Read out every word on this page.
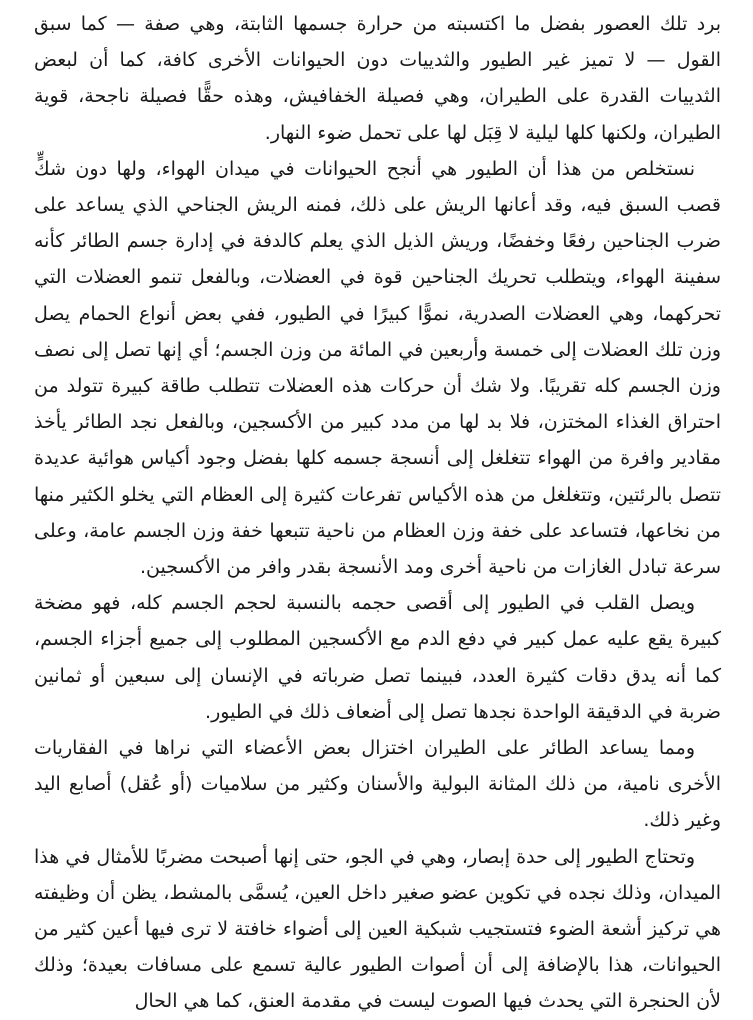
برد تلك العصور بفضل ما اكتسبته من حرارة جسمها الثابتة، وهي صفة — كما سبق القول — لا تميز غير الطيور والثدييات دون الحيوانات الأخرى كافة، كما أن لبعض الثدييات القدرة على الطيران، وهي فصيلة الخفافيش، وهذه حقًّا فصيلة ناجحة، قوية الطيران، ولكنها كلها ليلية لا قِبَل لها على تحمل ضوء النهار.

نستخلص من هذا أن الطيور هي أنجح الحيوانات في ميدان الهواء، ولها دون شكٍّ قصب السبق فيه، وقد أعانها الريش على ذلك، فمنه الريش الجناحي الذي يساعد على ضرب الجناحين رفعًا وخفضًا، وريش الذيل الذي يعلم كالدفة في إدارة جسم الطائر كأنه سفينة الهواء، ويتطلب تحريك الجناحين قوة في العضلات، وبالفعل تنمو العضلات التي تحركهما، وهي العضلات الصدرية، نموًّا كبيرًا في الطيور، ففي بعض أنواع الحمام يصل وزن تلك العضلات إلى خمسة وأربعين في المائة من وزن الجسم؛ أي إنها تصل إلى نصف وزن الجسم كله تقريبًا. ولا شك أن حركات هذه العضلات تتطلب طاقة كبيرة تتولد من احتراق الغذاء المختزن، فلا بد لها من مدد كبير من الأكسجين، وبالفعل نجد الطائر يأخذ مقادير وافرة من الهواء تتغلغل إلى أنسجة جسمه كلها بفضل وجود أكياس هوائية عديدة تتصل بالرئتين، وتتغلغل من هذه الأكياس تفرعات كثيرة إلى العظام التي يخلو الكثير منها من نخاعها، فتساعد على خفة وزن العظام من ناحية تتبعها خفة وزن الجسم عامة، وعلى سرعة تبادل الغازات من ناحية أخرى ومد الأنسجة بقدر وافر من الأكسجين.

ويصل القلب في الطيور إلى أقصى حجمه بالنسبة لحجم الجسم كله، فهو مضخة كبيرة يقع عليه عمل كبير في دفع الدم مع الأكسجين المطلوب إلى جميع أجزاء الجسم، كما أنه يدق دقات كثيرة العدد، فبينما تصل ضرباته في الإنسان إلى سبعين أو ثمانين ضربة في الدقيقة الواحدة نجدها تصل إلى أضعاف ذلك في الطيور.

ومما يساعد الطائر على الطيران اختزال بعض الأعضاء التي نراها في الفقاريات الأخرى نامية، من ذلك المثانة البولية والأسنان وكثير من سلاميات (أو عُقل) أصابع اليد وغير ذلك.

وتحتاج الطيور إلى حدة إبصار، وهي في الجو، حتى إنها أصبحت مضربًا للأمثال في هذا الميدان، وذلك نجده في تكوين عضو صغير داخل العين، يُسمَّى بالمشط، يظن أن وظيفته هي تركيز أشعة الضوء فتستجيب شبكية العين إلى أضواء خافتة لا ترى فيها أعين كثير من الحيوانات، هذا بالإضافة إلى أن أصوات الطيور عالية تسمع على مسافات بعيدة؛ وذلك لأن الحنجرة التي يحدث فيها الصوت ليست في مقدمة العنق، كما هي الحال
